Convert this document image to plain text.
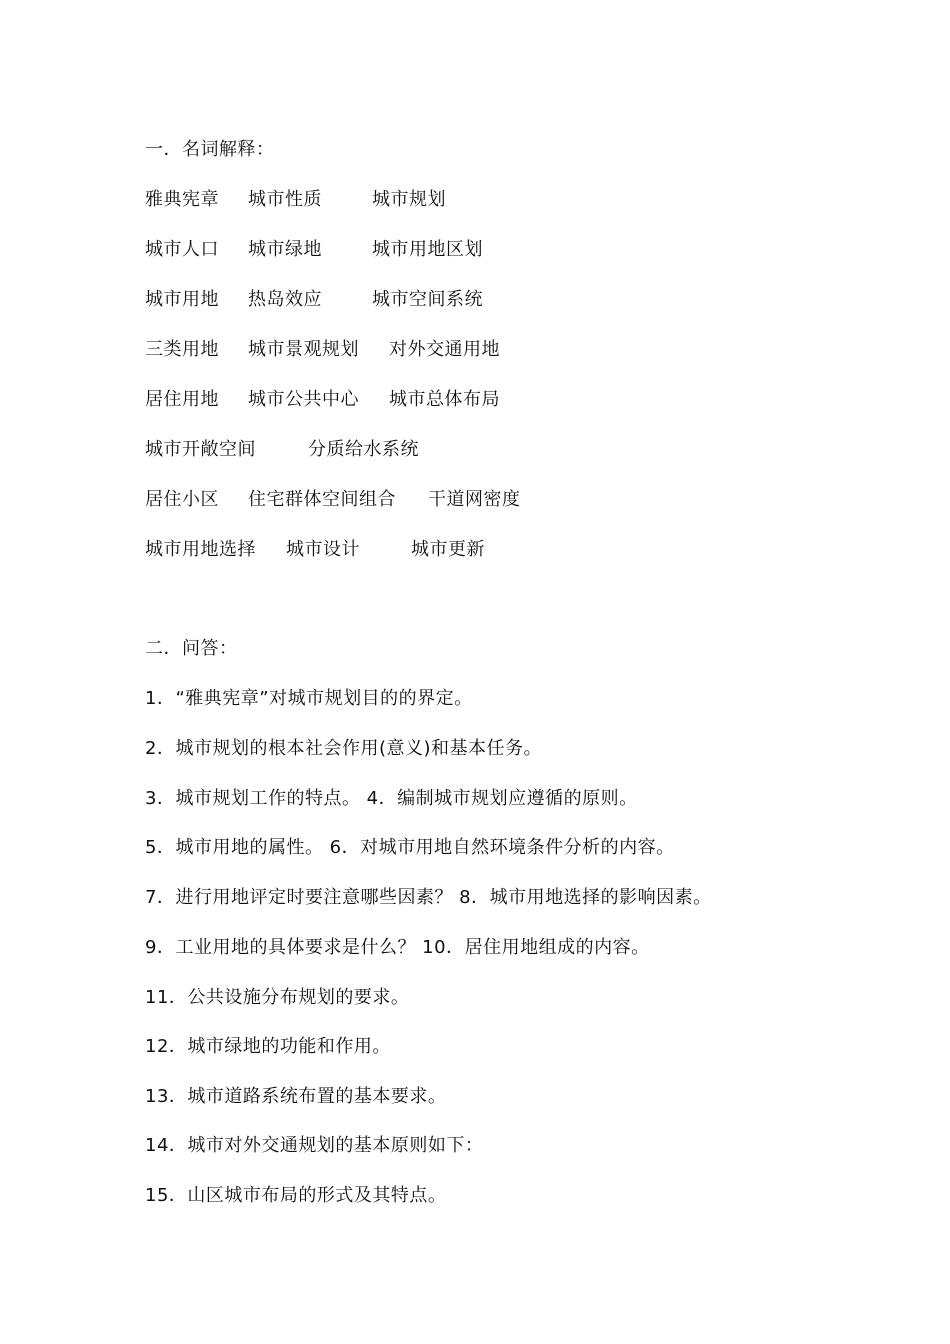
一．名词解释：
雅典宪章 城市性质	城市规划
城市人口 城市绿地	城市用地区划
城市用地 热岛效应	城市空间系统
三类用地 城市景观规划 对外交通用地
居住用地 城市公共中心 城市总体布局
城市开敞空间	分质给水系统
居住小区 住宅群体空间组合 干道网密度
城市用地选择 城市设计	城市更新
二．问答：
1．“雅典宪章”对城市规划目的的界定。
2．城市规划的根本社会作用(意义)和基本任务。
3．城市规划工作的特点。 4．编制城市规划应遵循的原则。
5．城市用地的属性。 6．对城市用地自然环境条件分析的内容。
7．进行用地评定时要注意哪些因素？ 8．城市用地选择的影响因素。
9．工业用地的具体要求是什么？ 10．居住用地组成的内容。
11．公共设施分布规划的要求。
12．城市绿地的功能和作用。
13．城市道路系统布置的基本要求。
14．城市对外交通规划的基本原则如下：
15．山区城市布局的形式及其特点。
